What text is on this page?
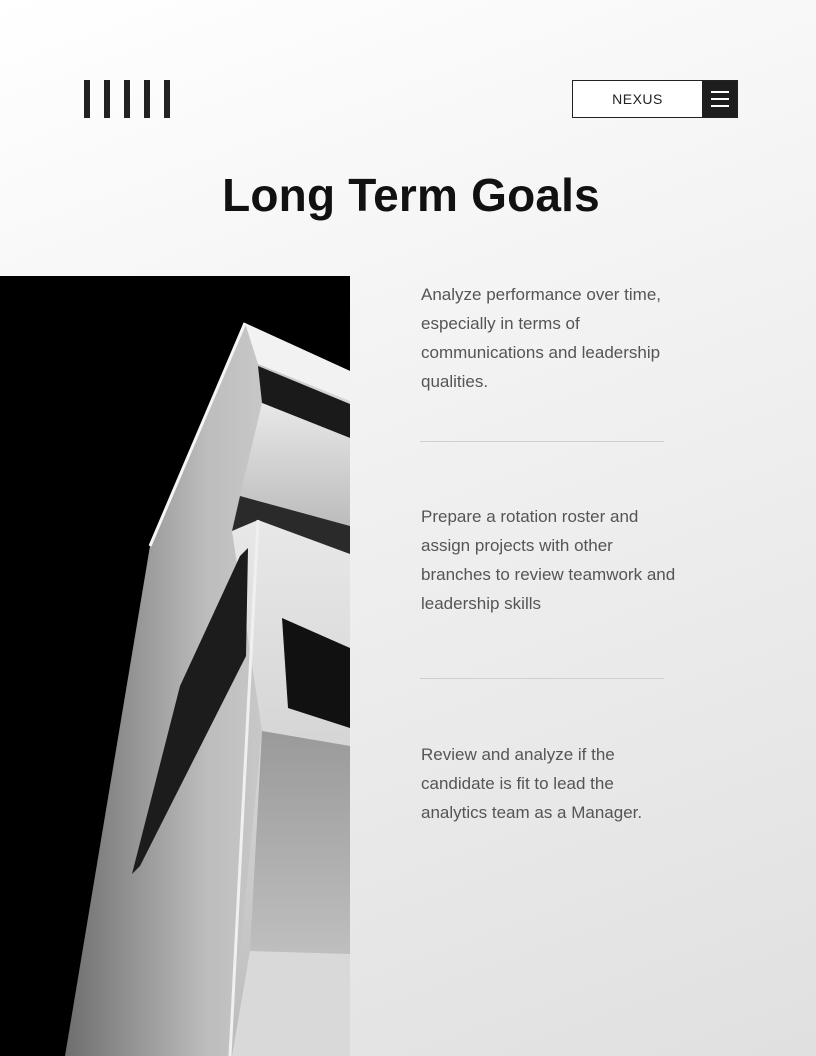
NEXUS
Long Term Goals

Analyze performance over time, especially in terms of communications and leadership qualities.

Prepare a rotation roster and assign projects with other branches to review teamwork and leadership skills

Review and analyze if the candidate is fit to lead the analytics team as a Manager.
